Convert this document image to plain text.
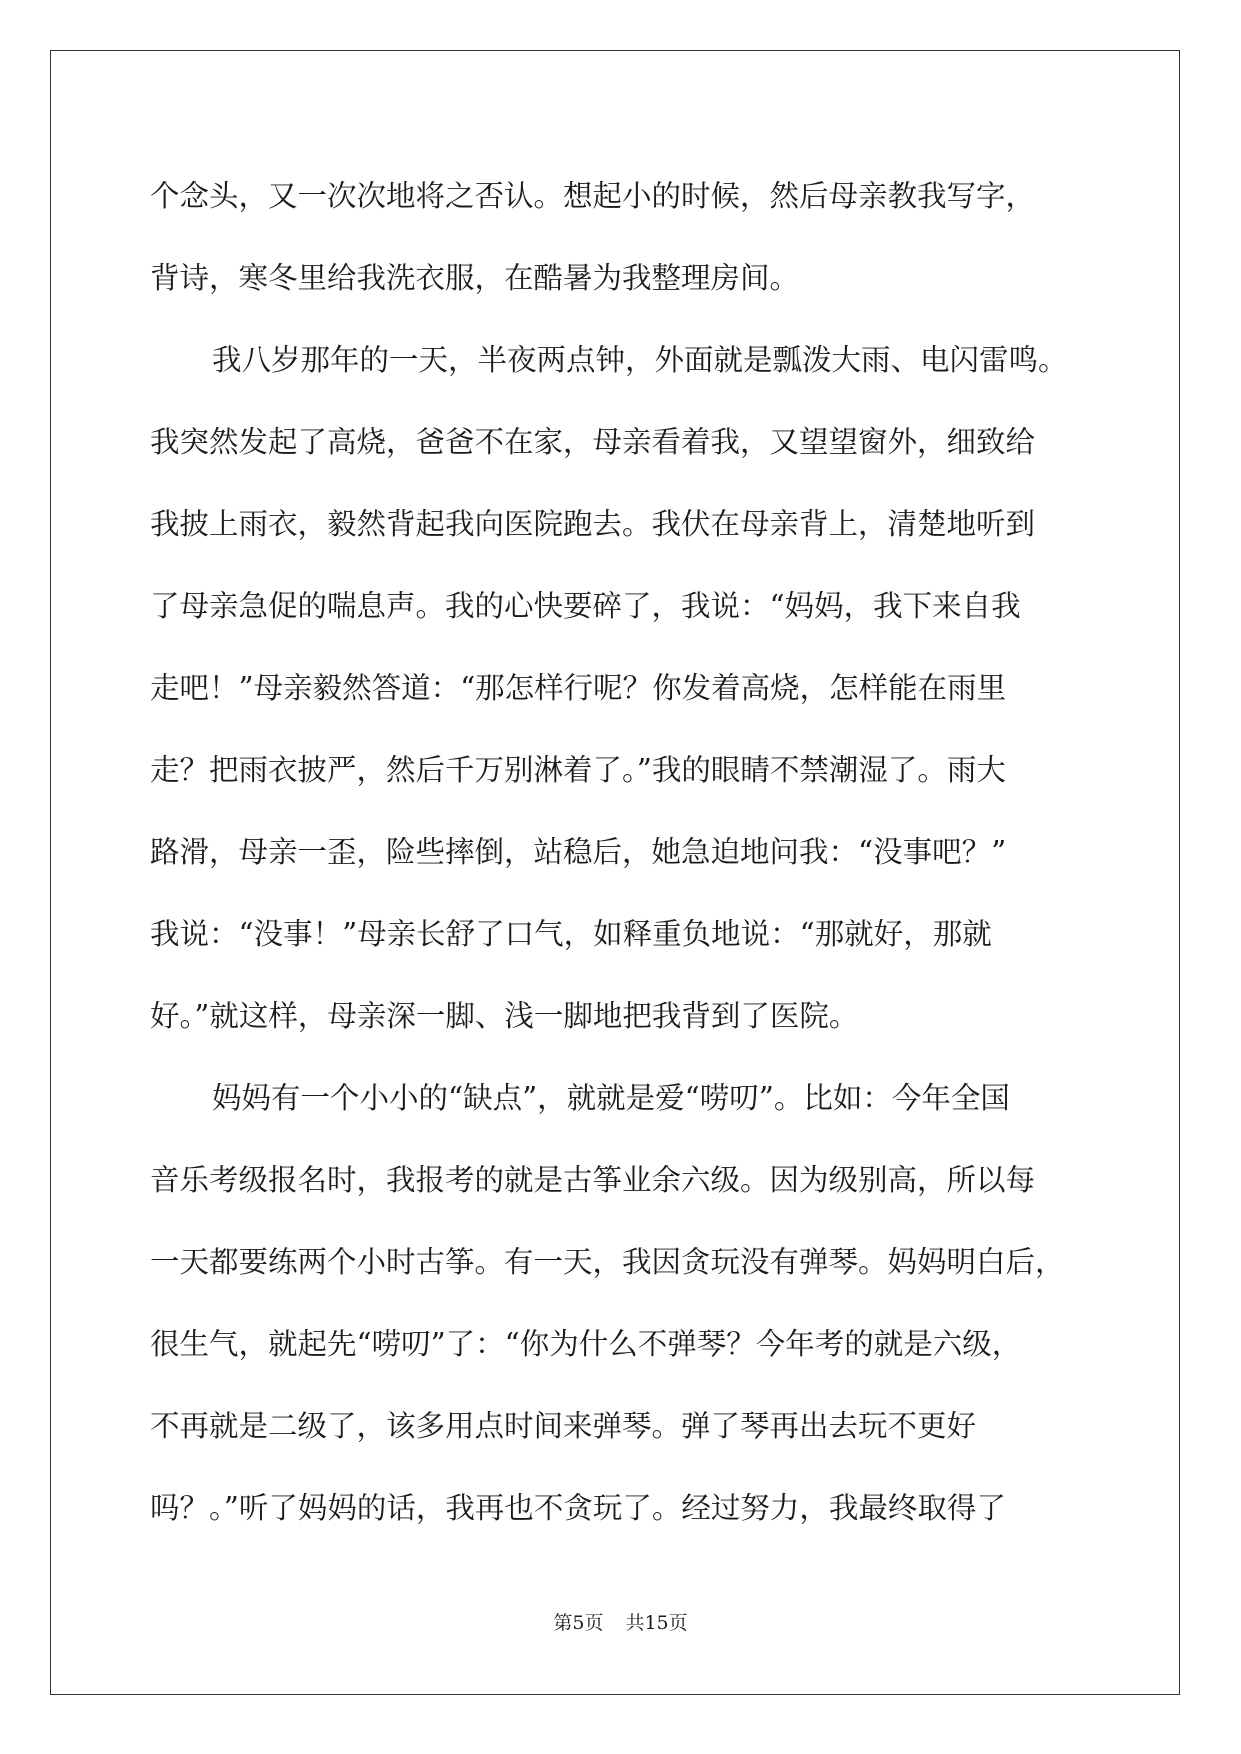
个念头，又一次次地将之否认。想起小的时候，然后母亲教我写字，
背诗，寒冬里给我洗衣服，在酷暑为我整理房间。
我八岁那年的一天，半夜两点钟，外面就是瓢泼大雨、电闪雷鸣。
我突然发起了高烧，爸爸不在家，母亲看着我，又望望窗外，细致给
我披上雨衣，毅然背起我向医院跑去。我伏在母亲背上，清楚地听到
了母亲急促的喘息声。我的心快要碎了，我说：“妈妈，我下来自我
走吧！”母亲毅然答道：“那怎样行呢？你发着高烧，怎样能在雨里
走？把雨衣披严，然后千万别淋着了。”我的眼睛不禁潮湿了。雨大
路滑，母亲一歪，险些摔倒，站稳后，她急迫地问我：“没事吧？”
我说：“没事！”母亲长舒了口气，如释重负地说：“那就好，那就
好。”就这样，母亲深一脚、浅一脚地把我背到了医院。
妈妈有一个小小的“缺点”，就就是爱“唠叨”。比如：今年全国
音乐考级报名时，我报考的就是古筝业余六级。因为级别高，所以每
一天都要练两个小时古筝。有一天，我因贪玩没有弹琴。妈妈明白后，
很生气，就起先“唠叨”了：“你为什么不弹琴？今年考的就是六级，
不再就是二级了，该多用点时间来弹琴。弹了琴再出去玩不更好
吗？。”听了妈妈的话，我再也不贪玩了。经过努力，我最终取得了
第5页 共15页
